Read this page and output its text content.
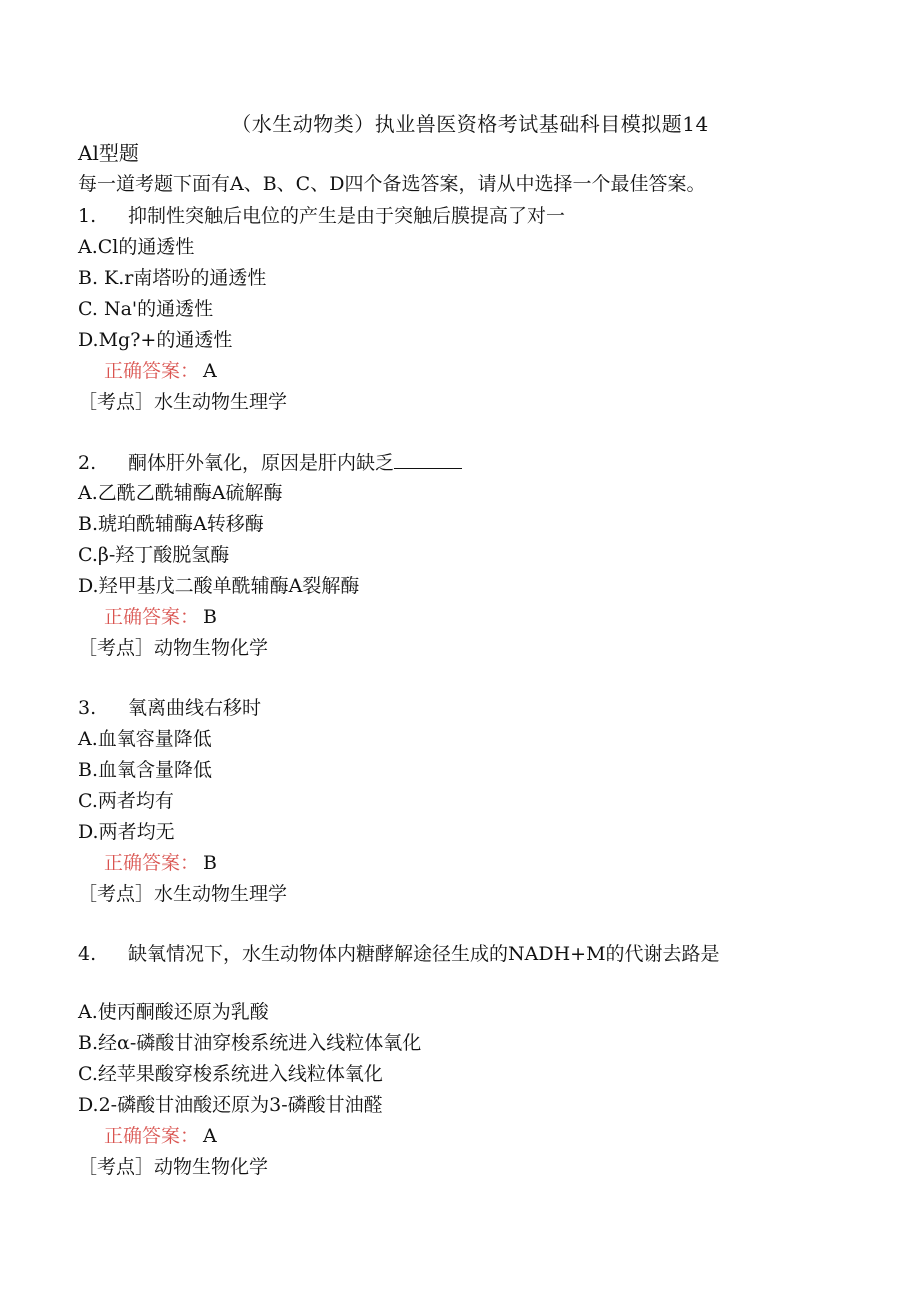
（水生动物类）执业兽医资格考试基础科目模拟题14
Al型题
每一道考题下面有A、B、C、D四个备选答案，请从中选择一个最佳答案。
1. 抑制性突触后电位的产生是由于突触后膜提高了对一
Α.Cl的通透性
B. K.r南塔吩的通透性
C. Na'的通透性
D.Mg?+的通透性
正确答案： A
［考点］水生动物生理学
2. 酮体肝外氧化，原因是肝内缺乏
A.乙酰乙酰辅酶A硫解酶
B.琥珀酰辅酶A转移酶
C.β-羟丁酸脱氢酶
D.羟甲基戊二酸单酰辅酶A裂解酶
正确答案： B
［考点］动物生物化学
3. 氧离曲线右移时
A.血氧容量降低
B.血氧含量降低
C.两者均有
D.两者均无
正确答案： B
［考点］水生动物生理学
4. 缺氧情况下，水生动物体内糖酵解途径生成的NADH+M的代谢去路是
A.使丙酮酸还原为乳酸
B.经α-磷酸甘油穿梭系统进入线粒体氧化
C.经苹果酸穿梭系统进入线粒体氧化
D.2-磷酸甘油酸还原为3-磷酸甘油醛
正确答案： A
［考点］动物生物化学
